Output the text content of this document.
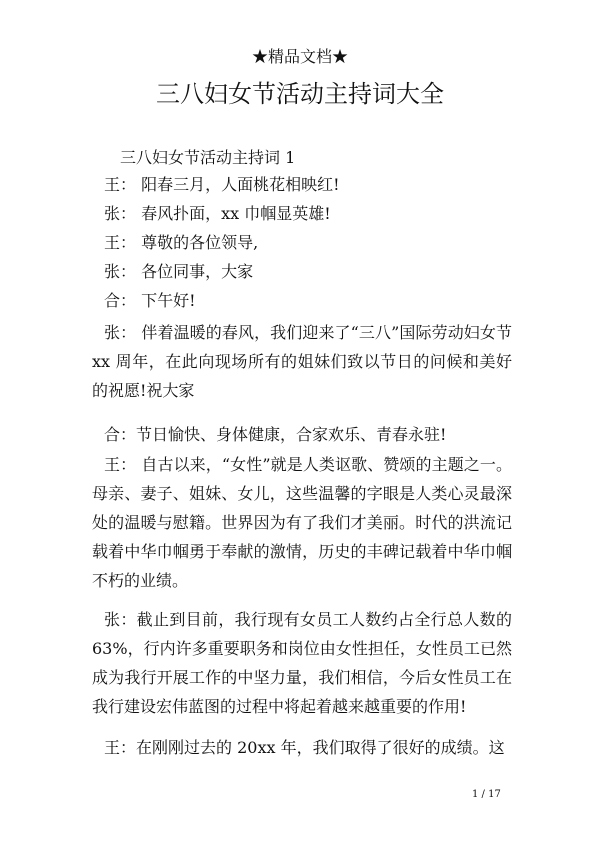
★精品文档★
三八妇女节活动主持词大全
三八妇女节活动主持词 1
王： 阳春三月，人面桃花相映红!
张： 春风扑面，xx 巾帼显英雄!
王： 尊敬的各位领导,
张： 各位同事，大家
合： 下午好!

张： 伴着温暖的春风，我们迎来了“三八”国际劳动妇女节 xx 周年，在此向现场所有的姐妹们致以节日的问候和美好的祝愿!祝大家

合：节日愉快、身体健康，合家欢乐、青春永驻!

王： 自古以来，“女性”就是人类讴歌、赞颂的主题之一。母亲、妻子、姐妹、女儿，这些温馨的字眼是人类心灵最深处的温暖与慰籍。世界因为有了我们才美丽。时代的洪流记载着中华巾帼勇于奉献的激情，历史的丰碑记载着中华巾帼不朽的业绩。

张：截止到目前，我行现有女员工人数约占全行总人数的 63%，行内许多重要职务和岗位由女性担任，女性员工已然成为我行开展工作的中坚力量，我们相信，今后女性员工在我行建设宏伟蓝图的过程中将起着越来越重要的作用!

王：在刚刚过去的 20xx 年，我们取得了很好的成绩。这

1 / 17
